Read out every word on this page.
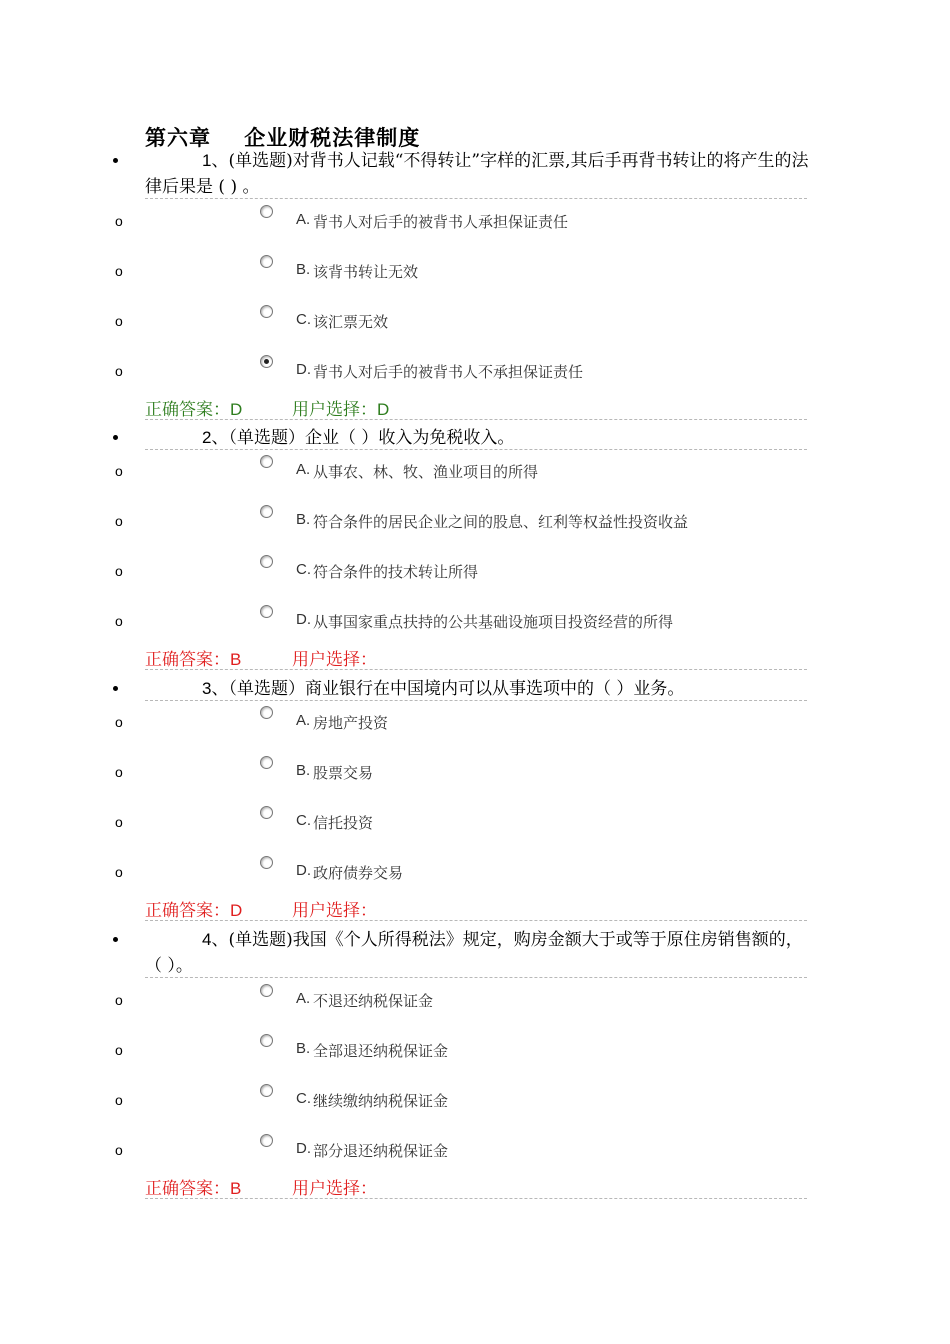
第六章    企业财税法律制度
1、(单选题)对背书人记载“不得转让”字样的汇票,其后手再背书转让的将产生的法律后果是 ( ) 。
o	A. 背书人对后手的被背书人承担保证责任
o	B. 该背书转让无效
o	C. 该汇票无效
o	D. 背书人对后手的被背书人不承担保证责任
正确答案：D	用户选择：D
2、（单选题）企业（ ）收入为免税收入。
o	A. 从事农、林、牧、渔业项目的所得
o	B. 符合条件的居民企业之间的股息、红利等权益性投资收益
o	C. 符合条件的技术转让所得
o	D. 从事国家重点扶持的公共基础设施项目投资经营的所得
正确答案：B	用户选择：
3、（单选题）商业银行在中国境内可以从事选项中的（ ）业务。
o	A. 房地产投资
o	B. 股票交易
o	C. 信托投资
o	D. 政府债券交易
正确答案：D	用户选择：
4、(单选题)我国《个人所得税法》规定，购房金额大于或等于原住房销售额的，（ ）。
o	A. 不退还纳税保证金
o	B. 全部退还纳税保证金
o	C. 继续缴纳纳税保证金
o	D. 部分退还纳税保证金
正确答案：B	用户选择：
